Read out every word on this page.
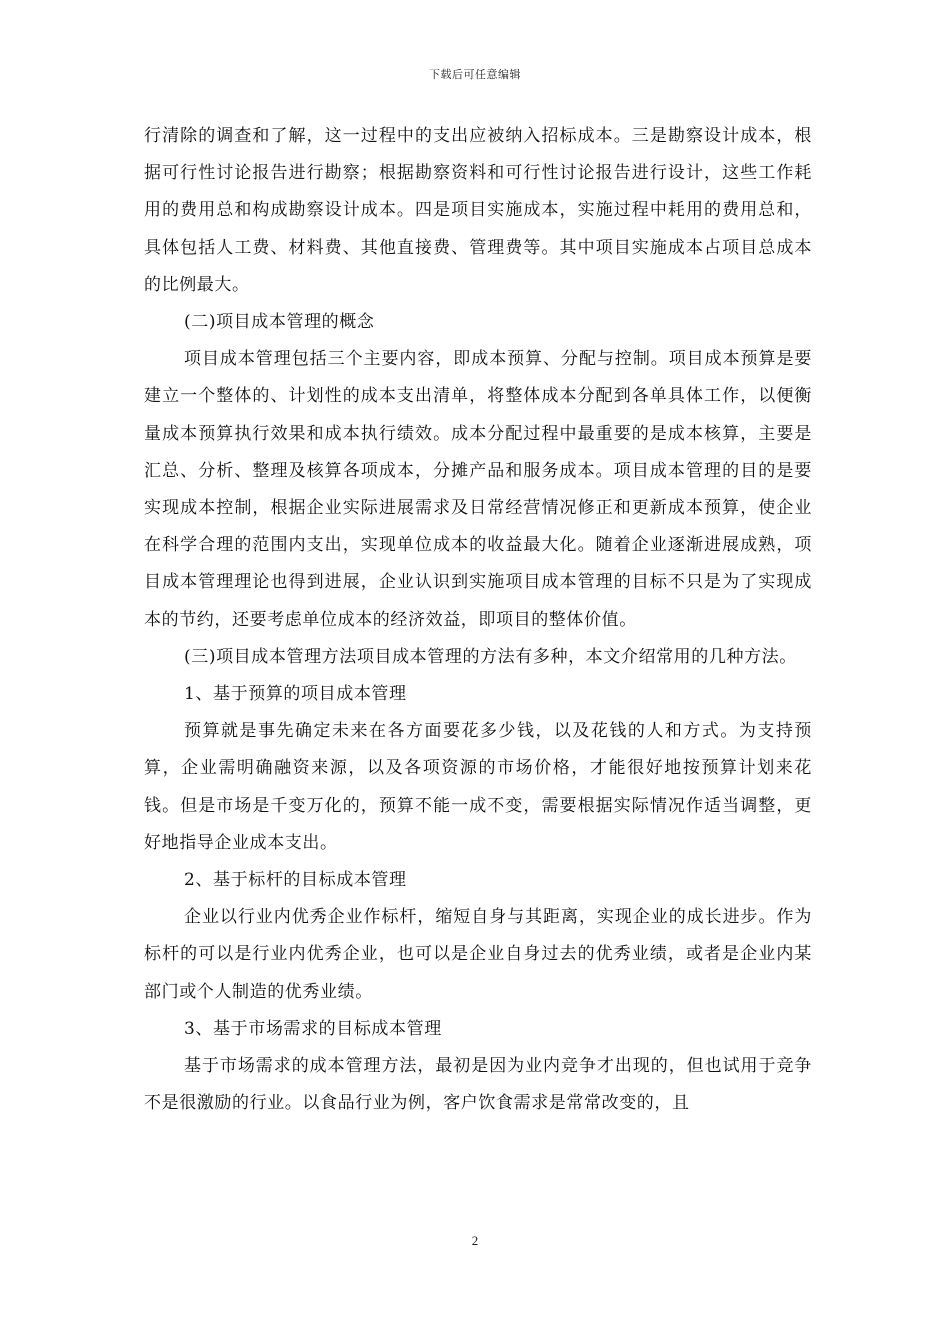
下载后可任意编辑

行清除的调查和了解，这一过程中的支出应被纳入招标成本。三是勘察设计成本，根据可行性讨论报告进行勘察；根据勘察资料和可行性讨论报告进行设计，这些工作耗用的费用总和构成勘察设计成本。四是项目实施成本，实施过程中耗用的费用总和，具体包括人工费、材料费、其他直接费、管理费等。其中项目实施成本占项目总成本的比例最大。

(二)项目成本管理的概念

项目成本管理包括三个主要内容，即成本预算、分配与控制。项目成本预算是要建立一个整体的、计划性的成本支出清单，将整体成本分配到各单具体工作，以便衡量成本预算执行效果和成本执行绩效。成本分配过程中最重要的是成本核算，主要是汇总、分析、整理及核算各项成本，分摊产品和服务成本。项目成本管理的目的是要实现成本控制，根据企业实际进展需求及日常经营情况修正和更新成本预算，使企业在科学合理的范围内支出，实现单位成本的收益最大化。随着企业逐渐进展成熟，项目成本管理理论也得到进展，企业认识到实施项目成本管理的目标不只是为了实现成本的节约，还要考虑单位成本的经济效益，即项目的整体价值。

(三)项目成本管理方法项目成本管理的方法有多种，本文介绍常用的几种方法。

1、基于预算的项目成本管理

预算就是事先确定未来在各方面要花多少钱，以及花钱的人和方式。为支持预算，企业需明确融资来源，以及各项资源的市场价格，才能很好地按预算计划来花钱。但是市场是千变万化的，预算不能一成不变，需要根据实际情况作适当调整，更好地指导企业成本支出。

2、基于标杆的目标成本管理

企业以行业内优秀企业作标杆，缩短自身与其距离，实现企业的成长进步。作为标杆的可以是行业内优秀企业，也可以是企业自身过去的优秀业绩，或者是企业内某部门或个人制造的优秀业绩。

3、基于市场需求的目标成本管理

基于市场需求的成本管理方法，最初是因为业内竞争才出现的，但也试用于竞争不是很激励的行业。以食品行业为例，客户饮食需求是常常改变的，且

2
